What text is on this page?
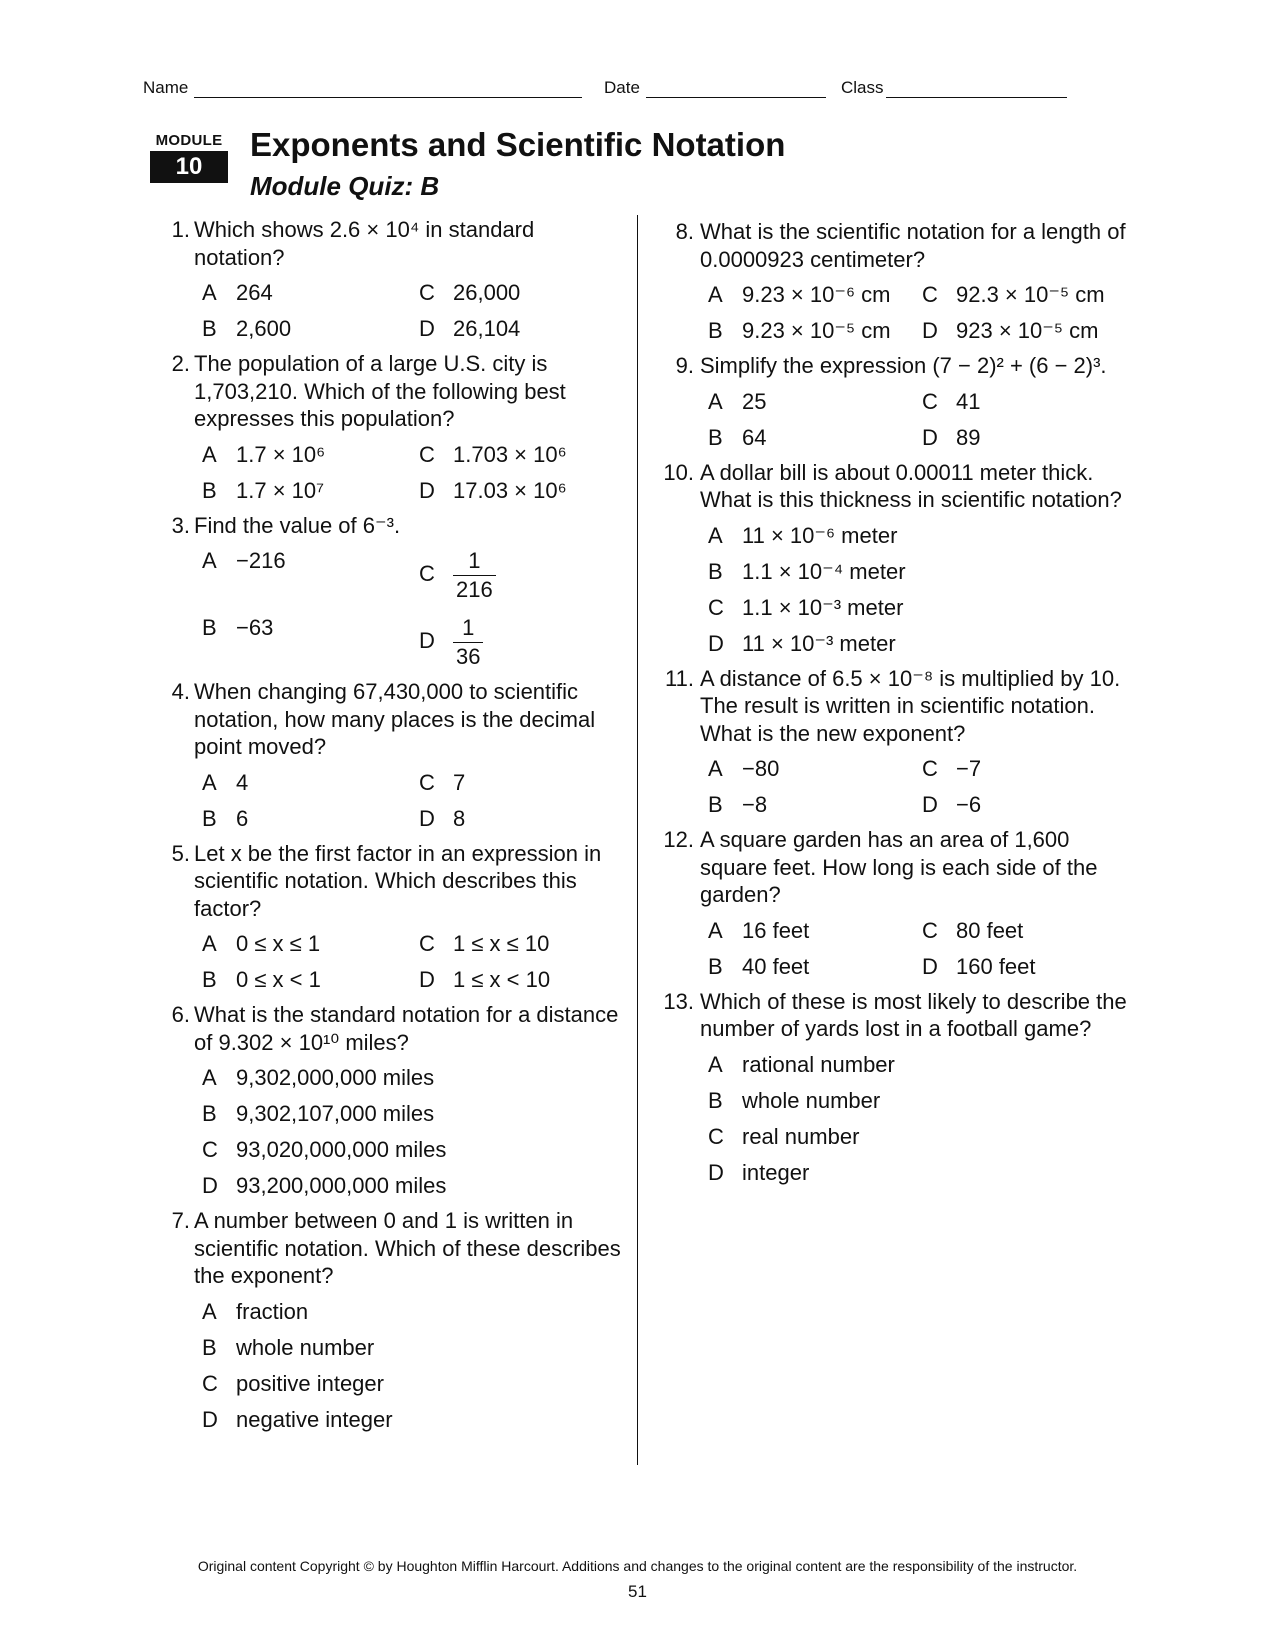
Name	Date	Class
MODULE
10
Exponents and Scientific Notation
Module Quiz: B
1. Which shows 2.6 × 10⁴ in standard notation?
A 264	C 26,000
B 2,600	D 26,104
2. The population of a large U.S. city is 1,703,210. Which of the following best expresses this population?
A 1.7 × 10⁶	C 1.703 × 10⁶
B 1.7 × 10⁷	D 17.03 × 10⁶
3. Find the value of 6⁻³.
A −216
C $\frac{1}{216}$
B −63
D $\frac{1}{36}$
4. When changing 67,430,000 to scientific notation, how many places is the decimal point moved?
A 4	C 7
B 6	D 8
5. Let x be the first factor in an expression in scientific notation. Which describes this factor?
A 0 ≤ x ≤ 1	C 1 ≤ x ≤ 10
B 0 ≤ x < 1	D 1 ≤ x < 10
6. What is the standard notation for a distance of 9.302 × 10¹⁰ miles?
A 9,302,000,000 miles
B 9,302,107,000 miles
C 93,020,000,000 miles
D 93,200,000,000 miles
7. A number between 0 and 1 is written in scientific notation. Which of these describes the exponent?
A fraction
B whole number
C positive integer
D negative integer
8. What is the scientific notation for a length of 0.0000923 centimeter?
A 9.23 × 10⁻⁶ cm	C 92.3 × 10⁻⁵ cm
B 9.23 × 10⁻⁵ cm	D 923 × 10⁻⁵ cm
9. Simplify the expression (7 − 2)² + (6 − 2)³.
A 25	C 41
B 64	D 89
10. A dollar bill is about 0.00011 meter thick. What is this thickness in scientific notation?
A 11 × 10⁻⁶ meter
B 1.1 × 10⁻⁴ meter
C 1.1 × 10⁻³ meter
D 11 × 10⁻³ meter
11. A distance of 6.5 × 10⁻⁸ is multiplied by 10. The result is written in scientific notation. What is the new exponent?
A −80	C −7
B −8	D −6
12. A square garden has an area of 1,600 square feet. How long is each side of the garden?
A 16 feet	C 80 feet
B 40 feet	D 160 feet
13. Which of these is most likely to describe the number of yards lost in a football game?
A rational number
B whole number
C real number
D integer
Original content Copyright © by Houghton Mifflin Harcourt. Additions and changes to the original content are the responsibility of the instructor.
51
